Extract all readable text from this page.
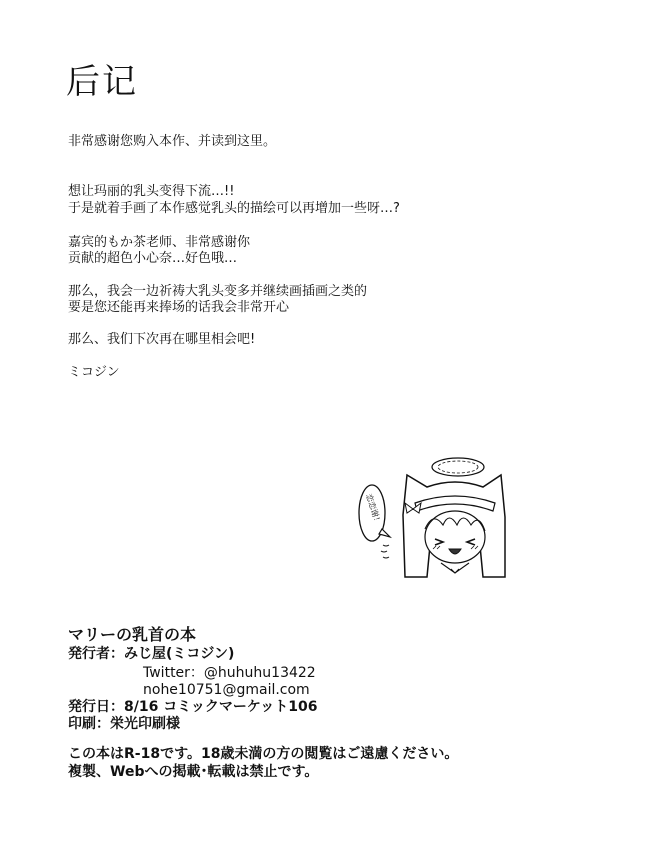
后记

非常感谢您购入本作、并读到这里。

想让玛丽的乳头变得下流…!!

于是就着手画了本作感觉乳头的描绘可以再增加一些呀…?

嘉宾的もか茶老师、非常感谢你

贡献的超色小心奈…好色哦…

那么，我会一边祈祷大乳头变多并继续画插画之类的

要是您还能再来捧场的话我会非常开心

那么、我们下次再在哪里相会吧!

ミコジン

恋恋谢！
マリーの乳首の本
発行者：みじ屋(ミコジン)
Twitter：@huhuhu13422
nohe10751@gmail.com
発行日：8/16 コミックマーケット106
印刷：栄光印刷様
この本はR-18です。18歳未満の方の閲覧はご遠慮ください。
複製、Webへの掲載･転載は禁止です。
